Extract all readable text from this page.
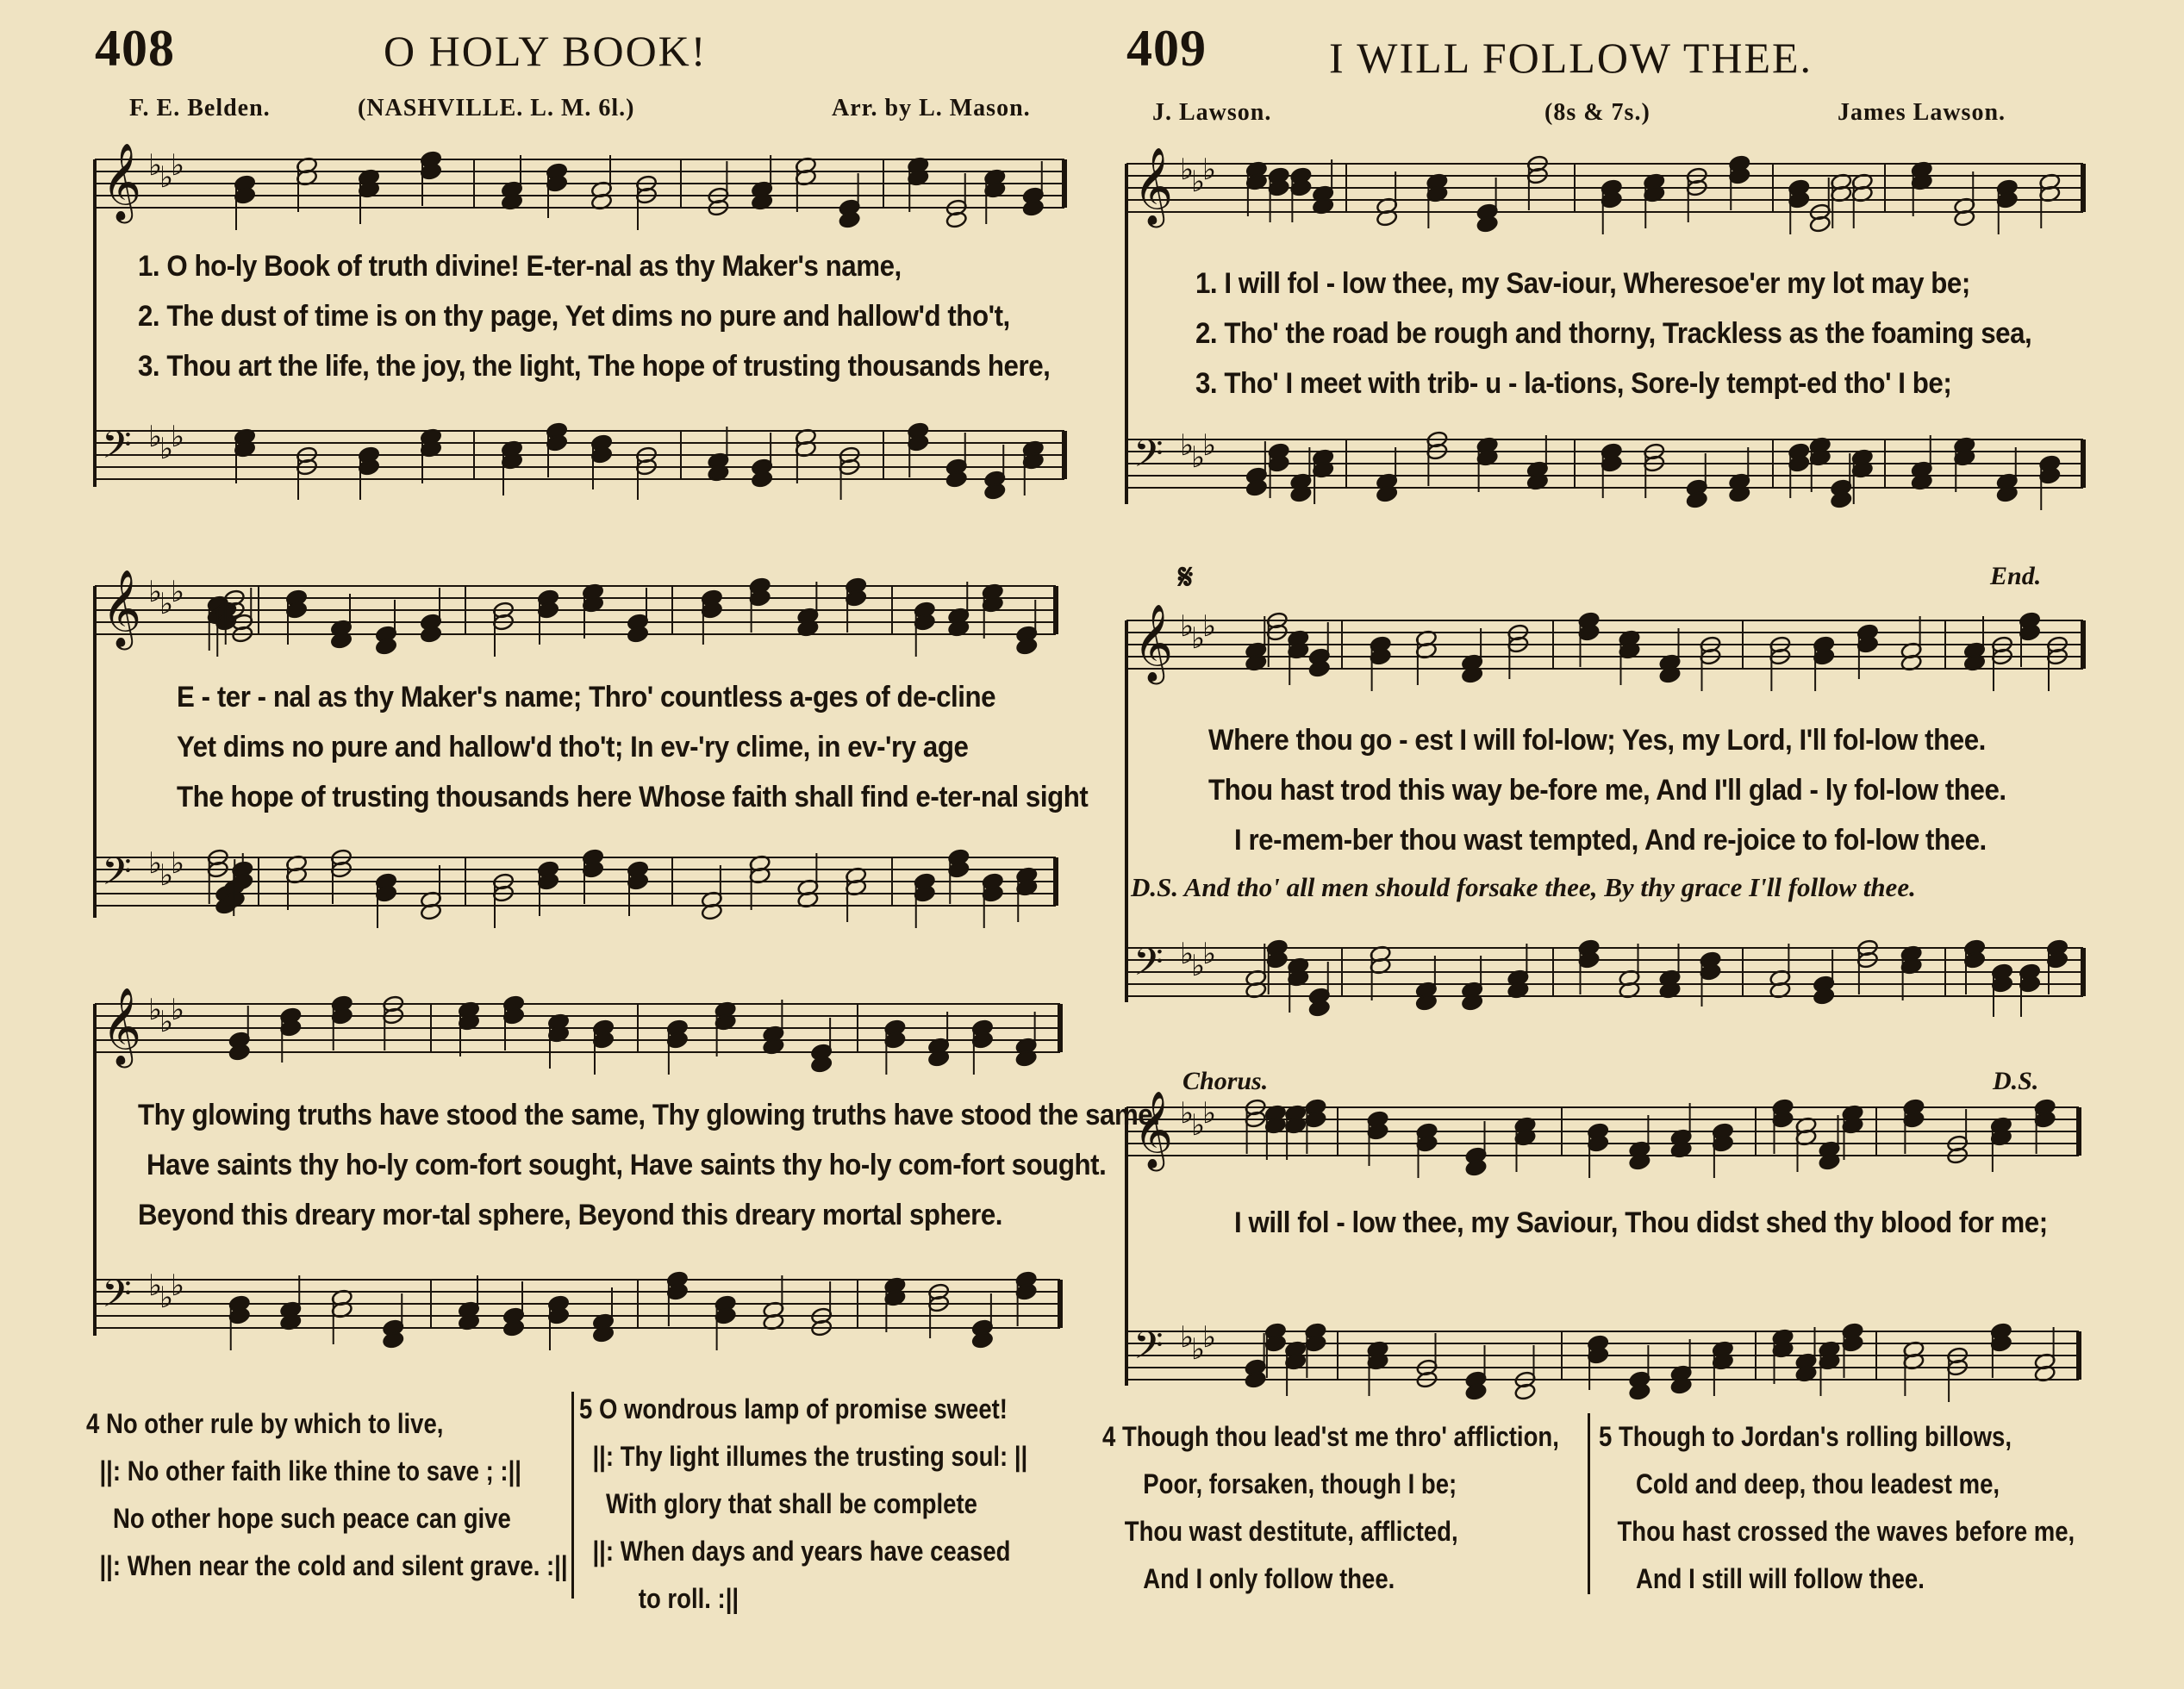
408	O HOLY BOOK!
F. E. Belden.	(NASHVILLE. L. M. 6l.)	Arr. by L. Mason.
𝄞 ♭
♭
♭
𝄢 ♭
♭
♭
1. O ho-ly Book of truth divine! E-ter-nal as thy Maker's name,
2. The dust of time is on thy page, Yet dims no pure and hallow'd tho't,
3. Thou art the life, the joy, the light, The hope of trusting thousands here,
𝄞 ♭
♭
♭
𝄢 ♭
♭
♭
E - ter - nal as thy Maker's name; Thro' countless a-ges of de-cline
Yet dims no pure and hallow'd tho't; In ev-'ry clime, in ev-'ry age
The hope of trusting thousands here Whose faith shall find e-ter-nal sight
𝄞 ♭
♭
♭
𝄢 ♭
♭
♭
Thy glowing truths have stood the same, Thy glowing truths have stood the same.
Have saints thy ho-ly com-fort sought, Have saints thy ho-ly com-fort sought.
Beyond this dreary mor-tal sphere, Beyond this dreary mortal sphere.
4 No other rule by which to live,
||: No other faith like thine to save ; :||
No other hope such peace can give
||: When near the cold and silent grave. :||
5 O wondrous lamp of promise sweet!
||: Thy light illumes the trusting soul: ||
With glory that shall be complete
||: When days and years have ceased
to roll. :||
409	I WILL FOLLOW THEE.
J. Lawson.	(8s & 7s.)	James Lawson.
𝄞 ♭
♭
♭
𝄢 ♭
♭
♭
1. I will fol - low thee, my Sav-iour, Wheresoe'er my lot may be;
2. Tho' the road be rough and thorny, Trackless as the foaming sea,
3. Tho' I meet with trib- u - la-tions, Sore-ly tempt-ed tho' I be;
𝄞 ♭
♭
♭
𝄢 ♭
♭
♭
𝄋	End.
Where thou go - est I will fol-low; Yes, my Lord, I'll fol-low thee.
Thou hast trod this way be-fore me, And I'll glad - ly fol-low thee.
I re-mem-ber thou wast tempted, And re-joice to fol-low thee.
D.S. And tho' all men should forsake thee, By thy grace I'll follow thee.
𝄞 ♭
♭
♭
𝄢 ♭
♭
♭
Chorus.	D.S.
I will fol - low thee, my Saviour, Thou didst shed thy blood for me;
4 Though thou lead'st me thro' affliction,
Poor, forsaken, though I be;
Thou wast destitute, afflicted,
And I only follow thee.
5 Though to Jordan's rolling billows,
Cold and deep, thou leadest me,
Thou hast crossed the waves before me,
And I still will follow thee.
